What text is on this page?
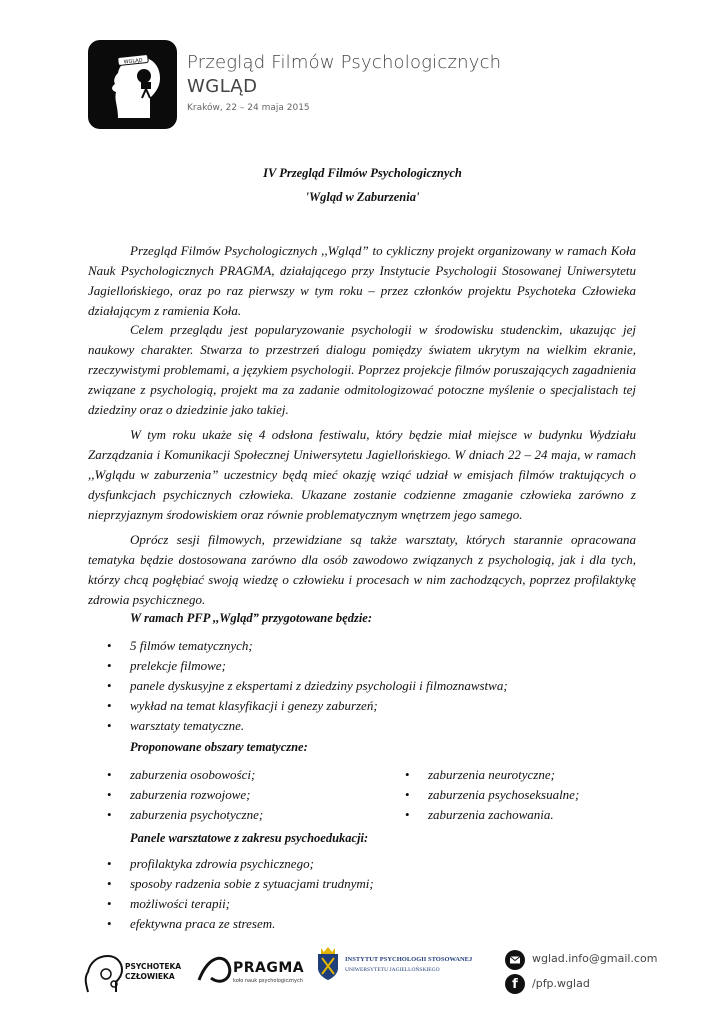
WGLĄD Przegląd Filmów Psychologicznych
WGLĄD
Kraków, 22 – 24 maja 2015
IV Przegląd Filmów Psychologicznych
'Wgląd w Zaburzenia'

Przegląd Filmów Psychologicznych ,,Wgląd” to cykliczny projekt organizowany w ramach Koła Nauk Psychologicznych PRAGMA, działającego przy Instytucie Psychologii Stosowanej Uniwersytetu Jagiellońskiego, oraz po raz pierwszy w tym roku – przez członków projektu Psychoteka Człowieka działającym z ramienia Koła.

Celem przeglądu jest popularyzowanie psychologii w środowisku studenckim, ukazując jej naukowy charakter. Stwarza to przestrzeń dialogu pomiędzy światem ukrytym na wielkim ekranie, rzeczywistymi problemami, a językiem psychologii. Poprzez projekcje filmów poruszających zagadnienia związane z psychologią, projekt ma za zadanie odmitologizować potoczne myślenie o specjalistach tej dziedziny oraz o dziedzinie jako takiej.

W tym roku ukaże się 4 odsłona festiwalu, który będzie miał miejsce w budynku Wydziału Zarządzania i Komunikacji Społecznej Uniwersytetu Jagiellońskiego. W dniach 22 – 24 maja, w ramach ,,Wglądu w zaburzenia” uczestnicy będą mieć okazję wziąć udział w emisjach filmów traktujących o dysfunkcjach psychicznych człowieka. Ukazane zostanie codzienne zmaganie człowieka zarówno z nieprzyjaznym środowiskiem oraz równie problematycznym wnętrzem jego samego.

Oprócz sesji filmowych, przewidziane są także warsztaty, których starannie opracowana tematyka będzie dostosowana zarówno dla osób zawodowo związanych z psychologią, jak i dla tych, którzy chcą pogłębiać swoją wiedzę o człowieku i procesach w nim zachodzących, poprzez profilaktykę zdrowia psychicznego.

W ramach PFP ,,Wgląd” przygotowane będzie:
• 5 filmów tematycznych;
• prelekcje filmowe;
• panele dyskusyjne z ekspertami z dziedziny psychologii i filmoznawstwa;
• wykład na temat klasyfikacji i genezy zaburzeń;
• warsztaty tematyczne.
Proponowane obszary tematyczne:
• zaburzenia osobowości;
• zaburzenia rozwojowe;
• zaburzenia psychotyczne;
• zaburzenia neurotyczne;
• zaburzenia psychoseksualne;
• zaburzenia zachowania.
Panele warsztatowe z zakresu psychoedukacji:
• profilaktyka zdrowia psychicznego;
• sposoby radzenia sobie z sytuacjami trudnymi;
• możliwości terapii;
• efektywna praca ze stresem.
PSYCHOTEKA
CZŁOWIEKA
PRAGMA
koło nauk psychologicznych
INSTYTUT PSYCHOLOGII STOSOWANEJ
UNIWERSYTETU JAGIELLOŃSKIEGO
wglad.info@gmail.com
f	/pfp.wglad
